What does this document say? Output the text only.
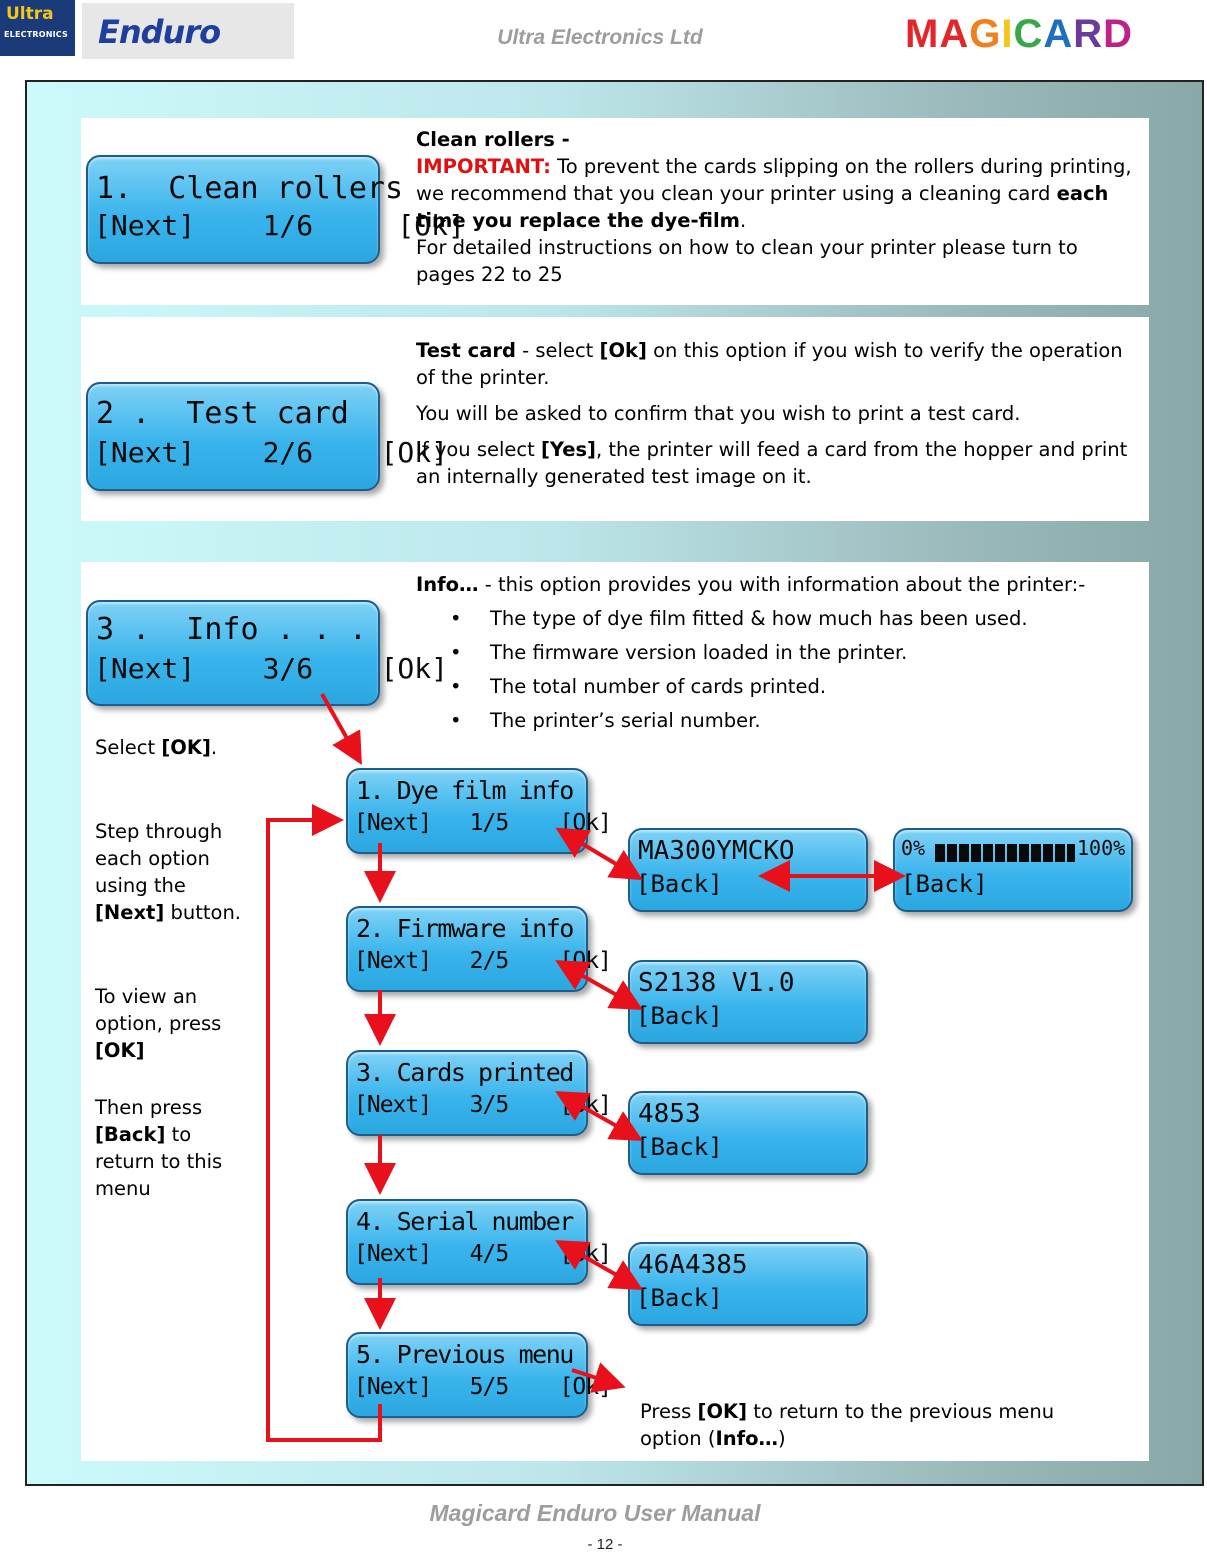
Ultra
ELECTRONICS Enduro	Ultra Electronics Ltd	MAGICARD
1.  Clean rollers
[Next]    1/6     [Ok]
Clean rollers -
IMPORTANT: To prevent the cards slipping on the rollers during printing, we recommend that you clean your printer using a cleaning card each time you replace the dye-film.
For detailed instructions on how to clean your printer please turn to pages 22 to 25
2 .  Test card
[Next]    2/6    [Ok]
Test card - select [Ok] on this option if you wish to verify the operation of the printer.
You will be asked to confirm that you wish to print a test card.
If you select [Yes], the printer will feed a card from the hopper and print an internally generated test image on it.
3 .  Info . . .
[Next]    3/6    [Ok]
Info… - this option provides you with information about the printer:-
• The type of dye film fitted & how much has been used.
• The firmware version loaded in the printer.
• The total number of cards printed.
• The printer’s serial number.
Select [OK].
Step through each option using the [Next] button.
To view an option, press [OK]
Then press [Back] to return to this menu
Press [OK] to return to the previous menu option (Info…)
1. Dye film info
[Next]   1/5    [Ok]
2. Firmware info
[Next]   2/5    [Ok]
3. Cards printed
[Next]   3/5    [Ok]
4. Serial number
[Next]   4/5    [Ok]
5. Previous menu
[Next]   5/5    [Ok]
MA300YMCKO
[Back]
S2138 V1.0
[Back]
4853
[Back]
46A4385
[Back]
0%	100%
[Back]
Magicard Enduro User Manual
- 12 -
